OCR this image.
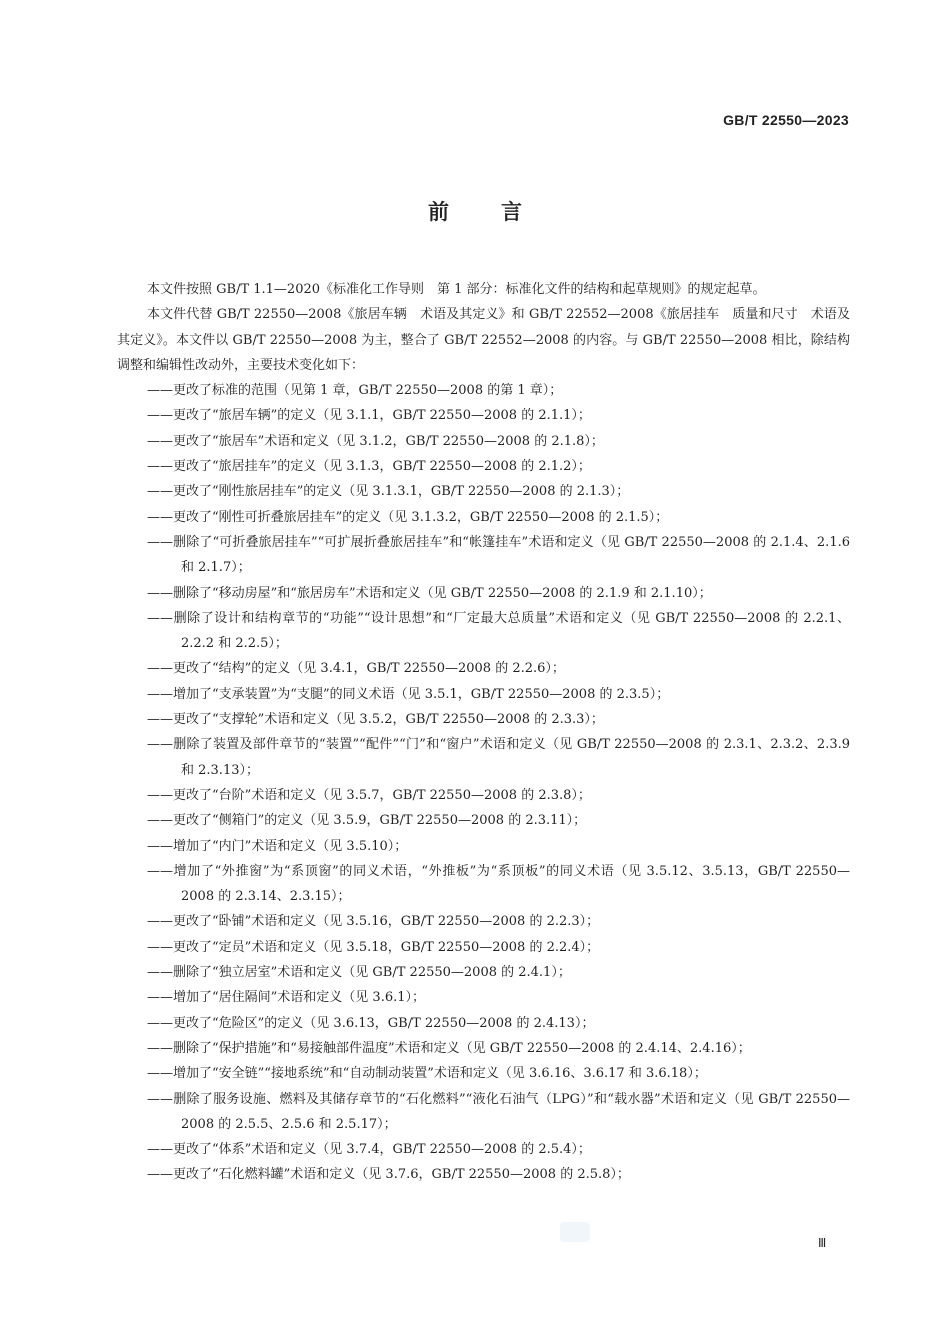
GB/T 22550—2023
前言

本文件按照 GB/T 1.1—2020《标准化工作导则　第 1 部分：标准化文件的结构和起草规则》的规定起草。

本文件代替 GB/T 22550—2008《旅居车辆　术语及其定义》和 GB/T 22552—2008《旅居挂车　质量和尺寸　术语及其定义》。本文件以 GB/T 22550—2008 为主，整合了 GB/T 22552—2008 的内容。与 GB/T 22550—2008 相比，除结构调整和编辑性改动外，主要技术变化如下：

——更改了标准的范围（见第 1 章，GB/T 22550—2008 的第 1 章）；
——更改了“旅居车辆”的定义（见 3.1.1，GB/T 22550—2008 的 2.1.1）；
——更改了“旅居车”术语和定义（见 3.1.2，GB/T 22550—2008 的 2.1.8）；
——更改了“旅居挂车”的定义（见 3.1.3，GB/T 22550—2008 的 2.1.2）；
——更改了“刚性旅居挂车”的定义（见 3.1.3.1，GB/T 22550—2008 的 2.1.3）；
——更改了“刚性可折叠旅居挂车”的定义（见 3.1.3.2，GB/T 22550—2008 的 2.1.5）；
——删除了“可折叠旅居挂车”“可扩展折叠旅居挂车”和“帐篷挂车”术语和定义（见 GB/T 22550—2008 的 2.1.4、2.1.6 和 2.1.7）；
——删除了“移动房屋”和“旅居房车”术语和定义（见 GB/T 22550—2008 的 2.1.9 和 2.1.10）；
——删除了设计和结构章节的“功能”“设计思想”和“厂定最大总质量”术语和定义（见 GB/T 22550—2008 的 2.2.1、2.2.2 和 2.2.5）；
——更改了“结构”的定义（见 3.4.1，GB/T 22550—2008 的 2.2.6）；
——增加了“支承装置”为“支腿”的同义术语（见 3.5.1，GB/T 22550—2008 的 2.3.5）；
——更改了“支撑轮”术语和定义（见 3.5.2，GB/T 22550—2008 的 2.3.3）；
——删除了装置及部件章节的“装置”“配件”“门”和“窗户”术语和定义（见 GB/T 22550—2008 的 2.3.1、2.3.2、2.3.9 和 2.3.13）；
——更改了“台阶”术语和定义（见 3.5.7，GB/T 22550—2008 的 2.3.8）；
——更改了“侧箱门”的定义（见 3.5.9，GB/T 22550—2008 的 2.3.11）；
——增加了“内门”术语和定义（见 3.5.10）；
——增加了“外推窗”为“系顶窗”的同义术语，“外推板”为“系顶板”的同义术语（见 3.5.12、3.5.13，GB/T 22550—2008 的 2.3.14、2.3.15）；
——更改了“卧铺”术语和定义（见 3.5.16，GB/T 22550—2008 的 2.2.3）；
——更改了“定员”术语和定义（见 3.5.18，GB/T 22550—2008 的 2.2.4）；
——删除了“独立居室”术语和定义（见 GB/T 22550—2008 的 2.4.1）；
——增加了“居住隔间”术语和定义（见 3.6.1）；
——更改了“危险区”的定义（见 3.6.13，GB/T 22550—2008 的 2.4.13）；
——删除了“保护措施”和“易接触部件温度”术语和定义（见 GB/T 22550—2008 的 2.4.14、2.4.16）；
——增加了“安全链”“接地系统”和“自动制动装置”术语和定义（见 3.6.16、3.6.17 和 3.6.18）；
——删除了服务设施、燃料及其储存章节的“石化燃料”“液化石油气（LPG）”和“载水器”术语和定义（见 GB/T 22550—2008 的 2.5.5、2.5.6 和 2.5.17）；
——更改了“体系”术语和定义（见 3.7.4，GB/T 22550—2008 的 2.5.4）；
——更改了“石化燃料罐”术语和定义（见 3.7.6，GB/T 22550—2008 的 2.5.8）；
Ⅲ
